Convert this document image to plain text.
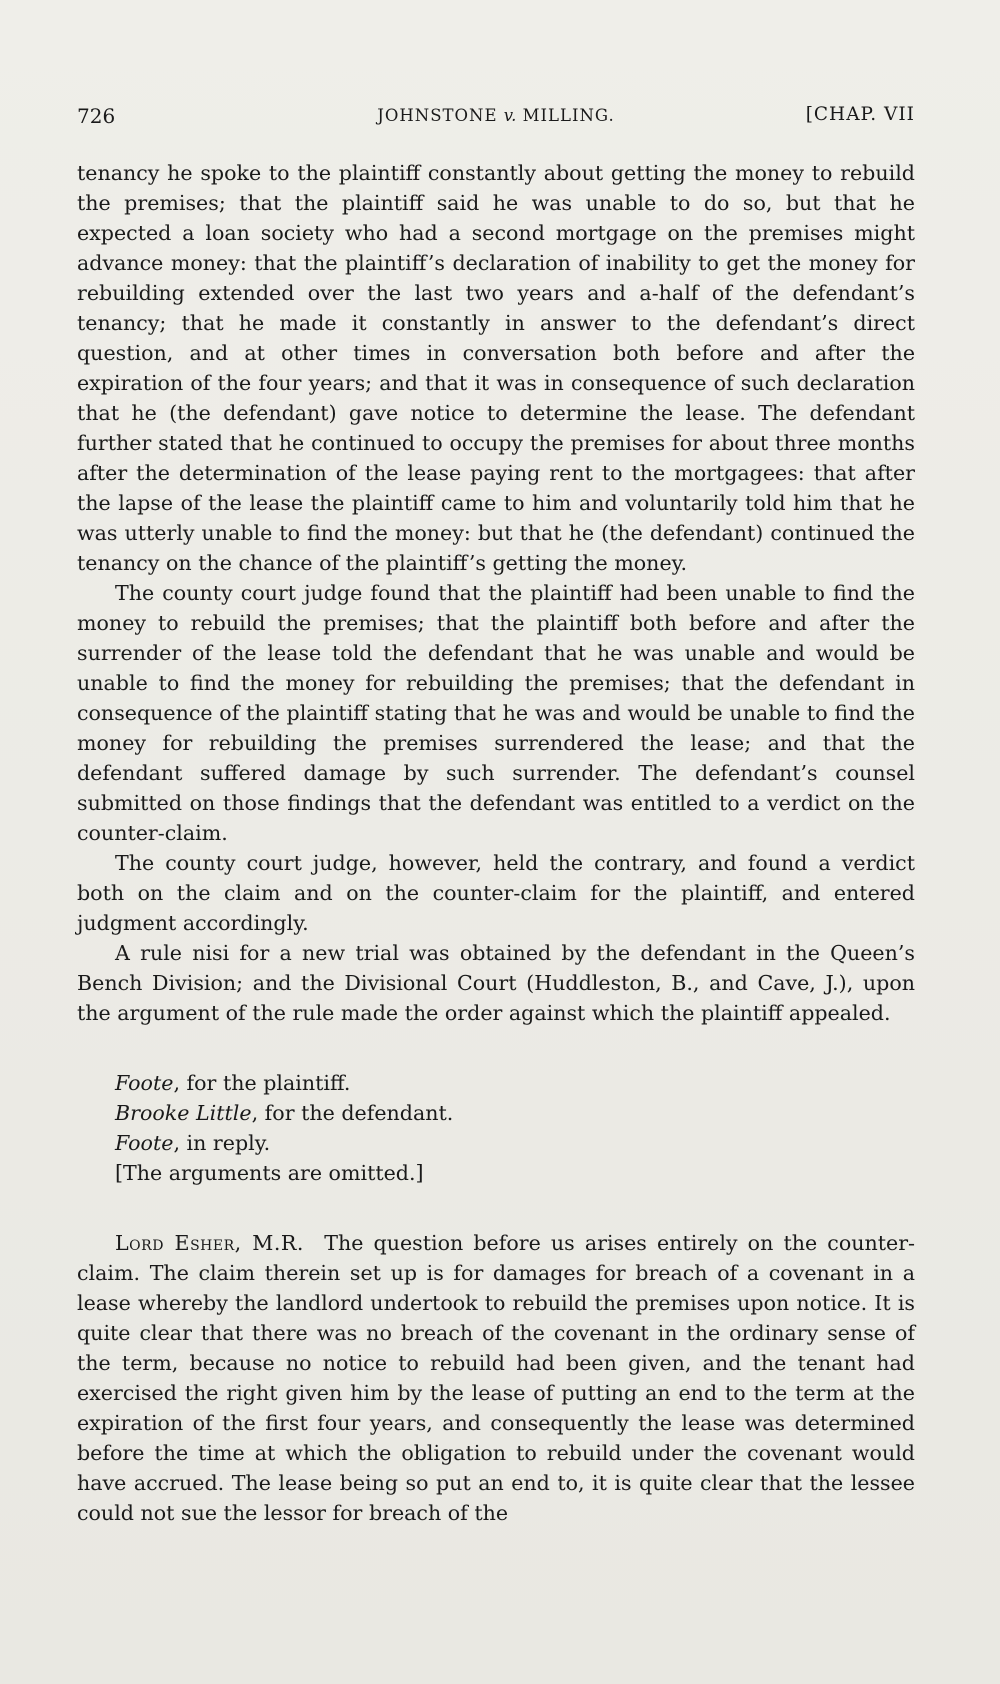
726	JOHNSTONE v. MILLING.	[CHAP. VII

tenancy he spoke to the plaintiff constantly about getting the money to rebuild the premises; that the plaintiff said he was unable to do so, but that he expected a loan society who had a second mortgage on the premises might advance money: that the plaintiff’s declaration of inability to get the money for rebuilding extended over the last two years and a-half of the defendant’s tenancy; that he made it constantly in answer to the defendant’s direct question, and at other times in conversation both before and after the expiration of the four years; and that it was in consequence of such declaration that he (the defendant) gave notice to determine the lease. The defendant further stated that he continued to occupy the premises for about three months after the determination of the lease paying rent to the mortgagees: that after the lapse of the lease the plaintiff came to him and voluntarily told him that he was utterly unable to find the money: but that he (the defendant) continued the tenancy on the chance of the plaintiff’s getting the money.

The county court judge found that the plaintiff had been unable to find the money to rebuild the premises; that the plaintiff both before and after the surrender of the lease told the defendant that he was unable and would be unable to find the money for rebuilding the premises; that the defendant in consequence of the plaintiff stating that he was and would be unable to find the money for rebuilding the premises surrendered the lease; and that the defendant suffered damage by such surrender. The defendant’s counsel submitted on those findings that the defendant was entitled to a verdict on the counter-claim.

The county court judge, however, held the contrary, and found a verdict both on the claim and on the counter-claim for the plaintiff, and entered judgment accordingly.

A rule nisi for a new trial was obtained by the defendant in the Queen’s Bench Division; and the Divisional Court (Huddleston, B., and Cave, J.), upon the argument of the rule made the order against which the plaintiff appealed.

Foote, for the plaintiff.
Brooke Little, for the defendant.
Foote, in reply.
[The arguments are omitted.]

Lord Esher, M.R. The question before us arises entirely on the counter-claim. The claim therein set up is for damages for breach of a covenant in a lease whereby the landlord undertook to rebuild the premises upon notice. It is quite clear that there was no breach of the covenant in the ordinary sense of the term, because no notice to rebuild had been given, and the tenant had exercised the right given him by the lease of putting an end to the term at the expiration of the first four years, and consequently the lease was determined before the time at which the obligation to rebuild under the covenant would have accrued. The lease being so put an end to, it is quite clear that the lessee could not sue the lessor for breach of the
